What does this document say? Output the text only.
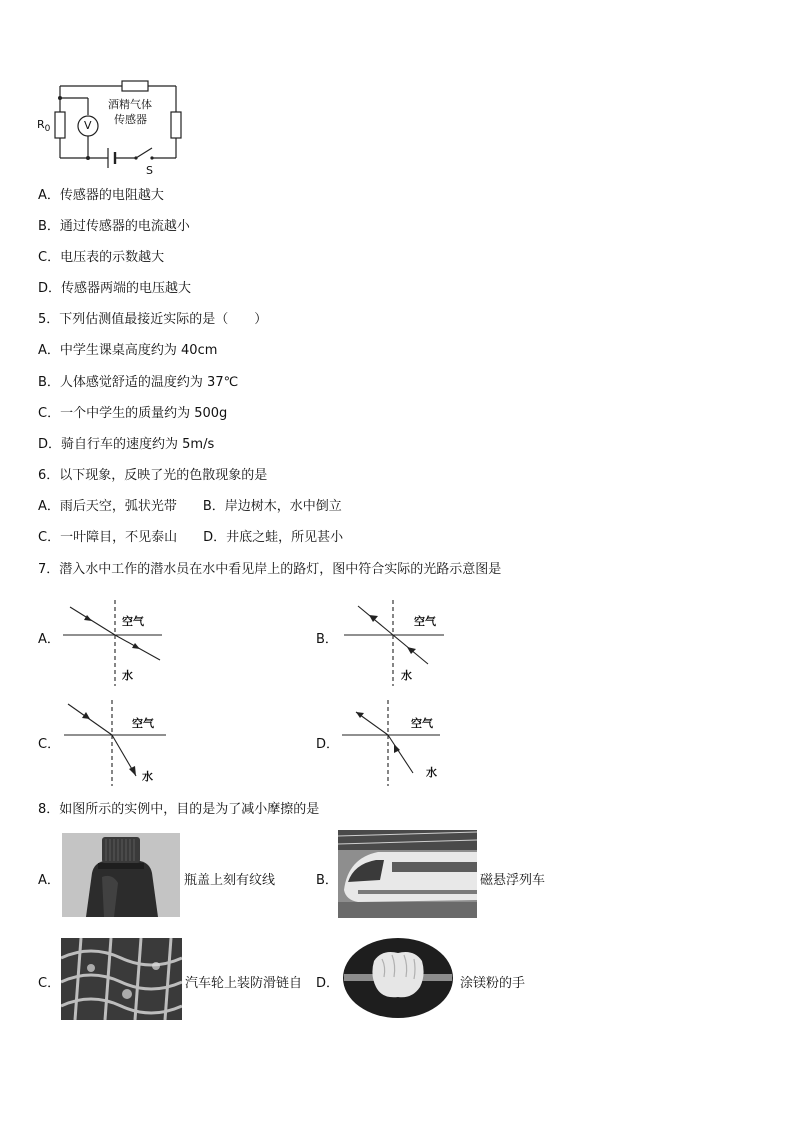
$R_0$	V
酒精气体
传感器
S
A．传感器的电阻越大
B．通过传感器的电流越小
C．电压表的示数越大
D．传感器两端的电压越大
5．下列估测值最接近实际的是（　　）
A．中学生课桌高度约为 40cm
B．人体感觉舒适的温度约为 37℃
C．一个中学生的质量约为 500g
D．骑自行车的速度约为 5m/s
6．以下现象，反映了光的色散现象的是
A．雨后天空，弧状光带　　B．岸边树木，水中倒立
C．一叶障目，不见泰山　　D．井底之蛙，所见甚小
7．潜入水中工作的潜水员在水中看见岸上的路灯，图中符合实际的光路示意图是
A．
空气
水
B．
空气
水
C．
空气
水
D．
空气
水
8．如图所示的实例中，目的是为了减小摩擦的是
A．	瓶盖上刻有纹线	B．	磁悬浮列车
C．	汽车轮上装防滑链自 D．	涂镁粉的手
